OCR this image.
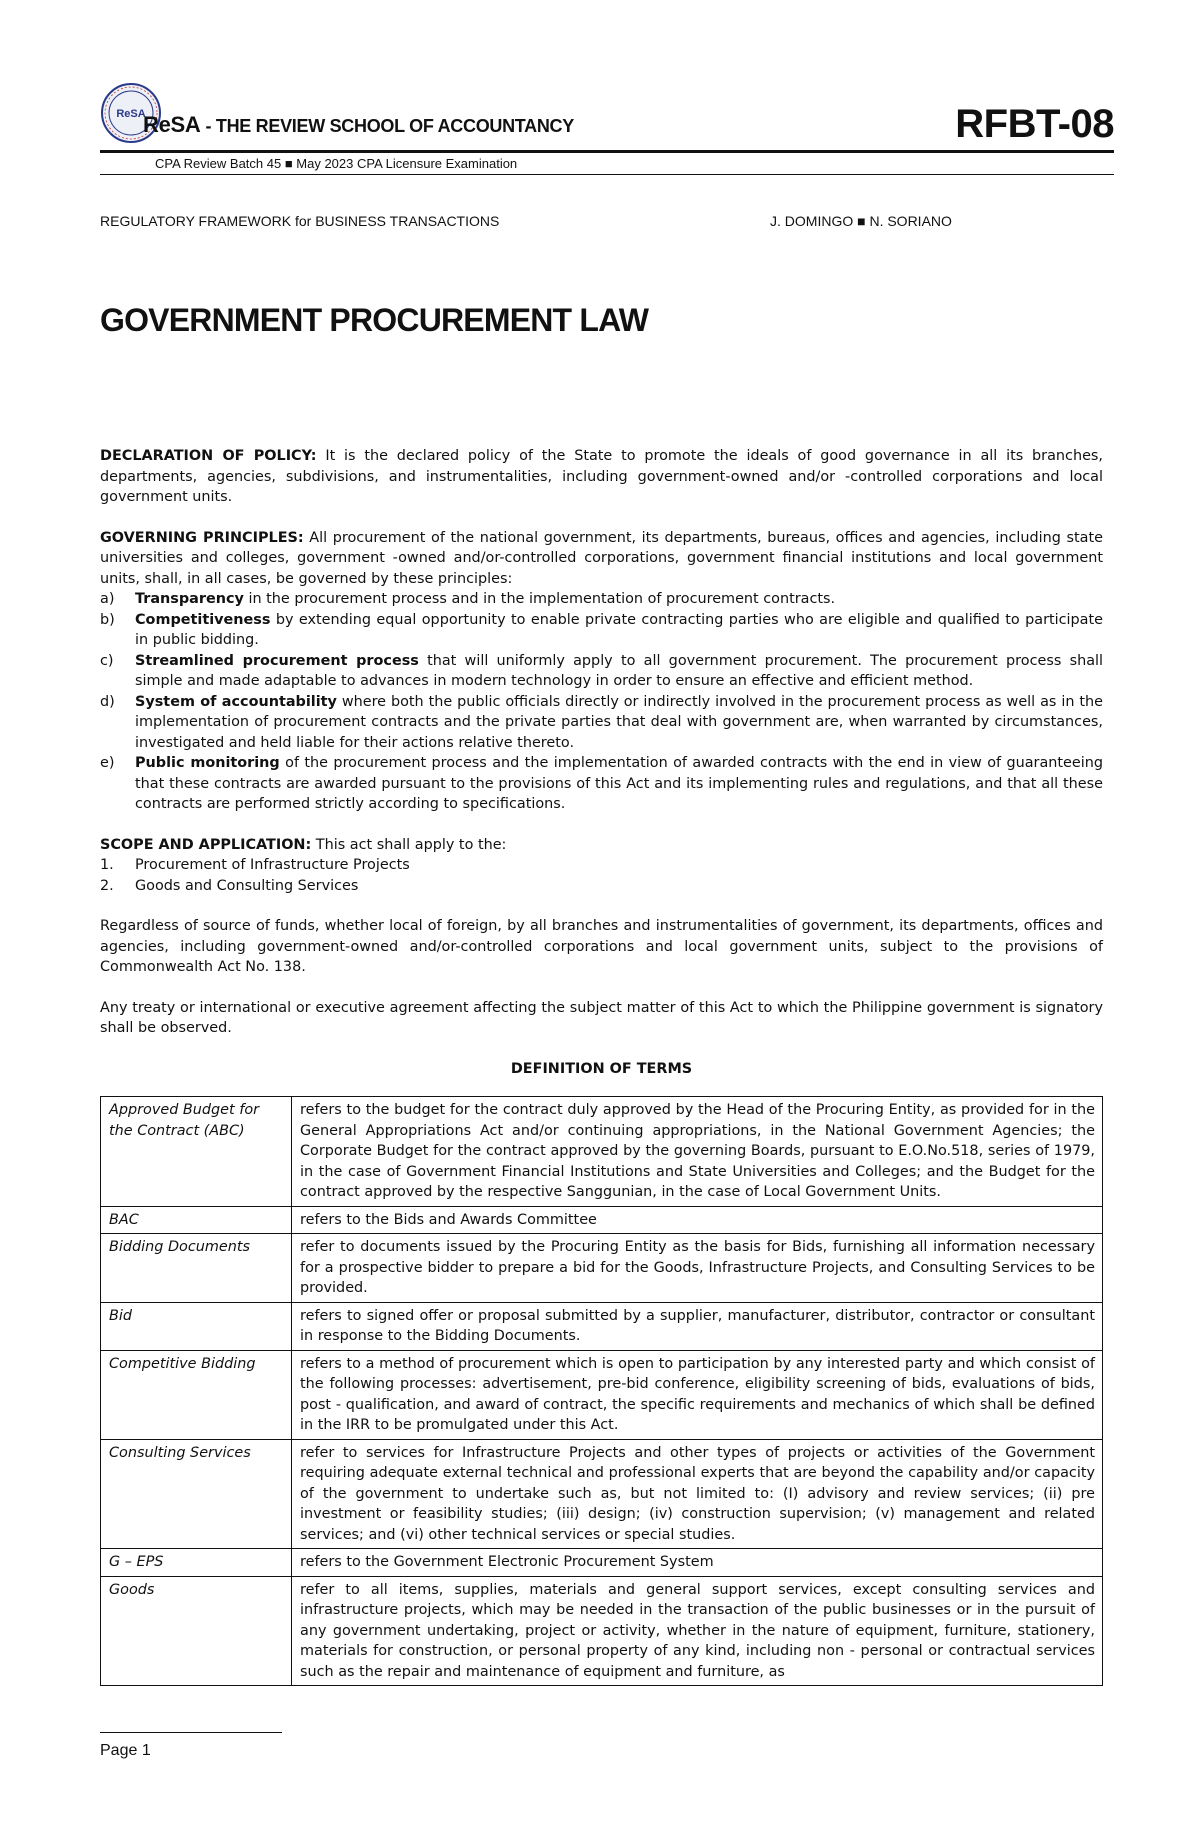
ReSA
ReSA - THE REVIEW SCHOOL OF ACCOUNTANCY	RFBT-08
CPA Review Batch 45 ■ May 2023 CPA Licensure Examination
REGULATORY FRAMEWORK for BUSINESS TRANSACTIONS	J. DOMINGO ■ N. SORIANO
GOVERNMENT PROCUREMENT LAW

DECLARATION OF POLICY: It is the declared policy of the State to promote the ideals of good governance in all its branches, departments, agencies, subdivisions, and instrumentalities, including government-owned and/or -controlled corporations and local government units.

GOVERNING PRINCIPLES: All procurement of the national government, its departments, bureaus, offices and agencies, including state universities and colleges, government -owned and/or-controlled corporations, government financial institutions and local government units, shall, in all cases, be governed by these principles:

a) Transparency in the procurement process and in the implementation of procurement contracts.
b) Competitiveness by extending equal opportunity to enable private contracting parties who are eligible and qualified to participate in public bidding.
c) Streamlined procurement process that will uniformly apply to all government procurement. The procurement process shall simple and made adaptable to advances in modern technology in order to ensure an effective and efficient method.
d) System of accountability where both the public officials directly or indirectly involved in the procurement process as well as in the implementation of procurement contracts and the private parties that deal with government are, when warranted by circumstances, investigated and held liable for their actions relative thereto.
e) Public monitoring of the procurement process and the implementation of awarded contracts with the end in view of guaranteeing that these contracts are awarded pursuant to the provisions of this Act and its implementing rules and regulations, and that all these contracts are performed strictly according to specifications.

SCOPE AND APPLICATION: This act shall apply to the:

1. Procurement of Infrastructure Projects
2. Goods and Consulting Services

Regardless of source of funds, whether local of foreign, by all branches and instrumentalities of government, its departments, offices and agencies, including government-owned and/or-controlled corporations and local government units, subject to the provisions of Commonwealth Act No. 138.

Any treaty or international or executive agreement affecting the subject matter of this Act to which the Philippine government is signatory shall be observed.

DEFINITION OF TERMS
Approved Budget for the Contract (ABC)	refers to the budget for the contract duly approved by the Head of the Procuring Entity, as provided for in the General Appropriations Act and/or continuing appropriations, in the National Government Agencies; the Corporate Budget for the contract approved by the governing Boards, pursuant to E.O.No.518, series of 1979, in the case of Government Financial Institutions and State Universities and Colleges; and the Budget for the contract approved by the respective Sanggunian, in the case of Local Government Units.
BAC	refers to the Bids and Awards Committee
Bidding Documents	refer to documents issued by the Procuring Entity as the basis for Bids, furnishing all information necessary for a prospective bidder to prepare a bid for the Goods, Infrastructure Projects, and Consulting Services to be provided.
Bid	refers to signed offer or proposal submitted by a supplier, manufacturer, distributor, contractor or consultant in response to the Bidding Documents.
Competitive Bidding	refers to a method of procurement which is open to participation by any interested party and which consist of the following processes: advertisement, pre-bid conference, eligibility screening of bids, evaluations of bids, post - qualification, and award of contract, the specific requirements and mechanics of which shall be defined in the IRR to be promulgated under this Act.
Consulting Services	refer to services for Infrastructure Projects and other types of projects or activities of the Government requiring adequate external technical and professional experts that are beyond the capability and/or capacity of the government to undertake such as, but not limited to: (I) advisory and review services; (ii) pre investment or feasibility studies; (iii) design; (iv) construction supervision; (v) management and related services; and (vi) other technical services or special studies.
G – EPS	refers to the Government Electronic Procurement System
Goods	refer to all items, supplies, materials and general support services, except consulting services and infrastructure projects, which may be needed in the transaction of the public businesses or in the pursuit of any government undertaking, project or activity, whether in the nature of equipment, furniture, stationery, materials for construction, or personal property of any kind, including non - personal or contractual services such as the repair and maintenance of equipment and furniture, as
Page 1
